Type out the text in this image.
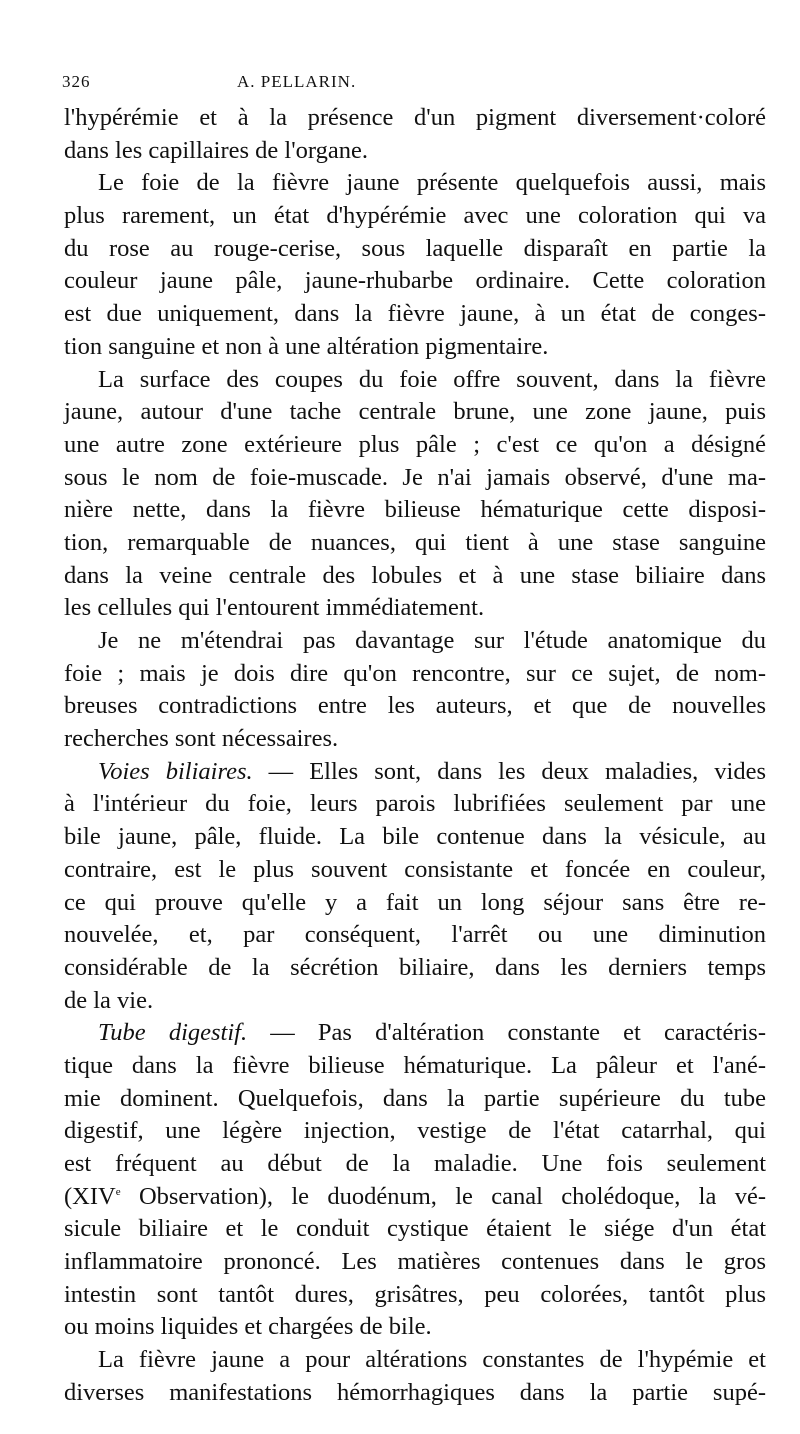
326	A. PELLARIN.
l'hypérémie et à la présence d'un pigment diversement·coloré
dans les capillaires de l'organe.
Le foie de la fièvre jaune présente quelquefois aussi, mais
plus rarement, un état d'hypérémie avec une coloration qui va
du rose au rouge-cerise, sous laquelle disparaît en partie la
couleur jaune pâle, jaune-rhubarbe ordinaire. Cette coloration
est due uniquement, dans la fièvre jaune, à un état de conges-
tion sanguine et non à une altération pigmentaire.
La surface des coupes du foie offre souvent, dans la fièvre
jaune, autour d'une tache centrale brune, une zone jaune, puis
une autre zone extérieure plus pâle ; c'est ce qu'on a désigné
sous le nom de foie-muscade. Je n'ai jamais observé, d'une ma-
nière nette, dans la fièvre bilieuse hématurique cette disposi-
tion, remarquable de nuances, qui tient à une stase sanguine
dans la veine centrale des lobules et à une stase biliaire dans
les cellules qui l'entourent immédiatement.
Je ne m'étendrai pas davantage sur l'étude anatomique du
foie ; mais je dois dire qu'on rencontre, sur ce sujet, de nom-
breuses contradictions entre les auteurs, et que de nouvelles
recherches sont nécessaires.
Voies biliaires. — Elles sont, dans les deux maladies, vides
à l'intérieur du foie, leurs parois lubrifiées seulement par une
bile jaune, pâle, fluide. La bile contenue dans la vésicule, au
contraire, est le plus souvent consistante et foncée en couleur,
ce qui prouve qu'elle y a fait un long séjour sans être re-
nouvelée, et, par conséquent, l'arrêt ou une diminution
considérable de la sécrétion biliaire, dans les derniers temps
de la vie.
Tube digestif. — Pas d'altération constante et caractéris-
tique dans la fièvre bilieuse hématurique. La pâleur et l'ané-
mie dominent. Quelquefois, dans la partie supérieure du tube
digestif, une légère injection, vestige de l'état catarrhal, qui
est fréquent au début de la maladie. Une fois seulement
(XIVe Observation), le duodénum, le canal cholédoque, la vé-
sicule biliaire et le conduit cystique étaient le siége d'un état
inflammatoire prononcé. Les matières contenues dans le gros
intestin sont tantôt dures, grisâtres, peu colorées, tantôt plus
ou moins liquides et chargées de bile.
La fièvre jaune a pour altérations constantes de l'hypémie et
diverses manifestations hémorrhagiques dans la partie supé-
